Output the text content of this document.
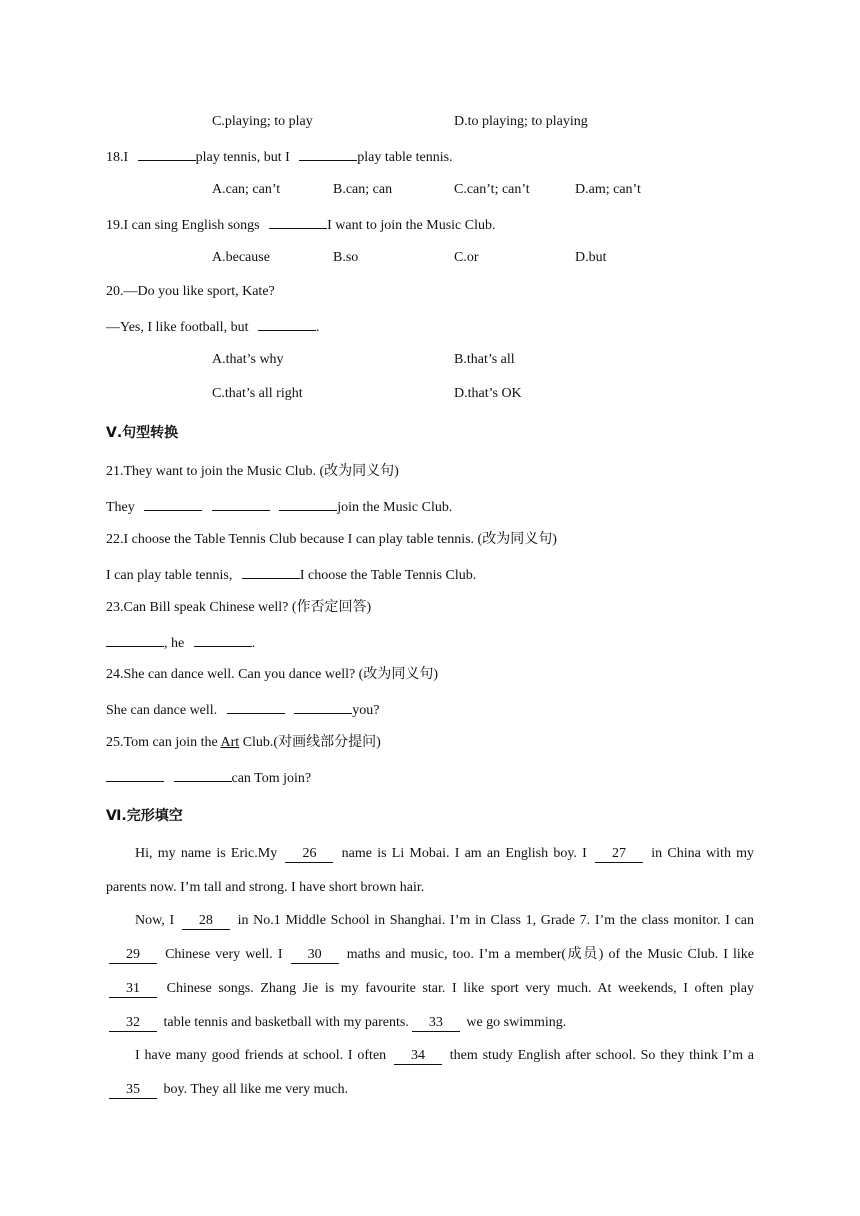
C.playing; to play	D.to playing; to playing
18.I	play tennis, but I	play table tennis.
A.can; can’t	B.can; can	C.can’t; can’t	D.am; can’t
19.I can sing English songs	I want to join the Music Club.
A.because	B.so	C.or	D.but
20.—Do you like sport, Kate?
—Yes, I like football, but	.
A.that’s why	B.that’s all
C.that’s all right	D.that’s OK
Ⅴ.句型转换
21.They want to join the Music Club. (改为同义句)
They	join the Music Club.
22.I choose the Table Tennis Club because I can play table tennis. (改为同义句)
I can play table tennis,	I choose the Table Tennis Club.
23.Can Bill speak Chinese well? (作否定回答)
, he	.
24.She can dance well. Can you dance well? (改为同义句)
She can dance well.	you?
25.Tom can join the Art Club.(对画线部分提问)
can Tom join?
Ⅵ.完形填空
Hi, my name is Eric.My 26 name is Li Mobai. I am an English boy. I 27 in China with my parents now. I’m tall and strong. I have short brown hair.
Now, I 28 in No.1 Middle School in Shanghai. I’m in Class 1, Grade 7. I’m the class monitor. I can 29 Chinese very well. I 30 maths and music, too. I’m a member(成员) of the Music Club. I like 31 Chinese songs. Zhang Jie is my favourite star. I like sport very much. At weekends, I often play 32 table tennis and basketball with my parents. 33 we go swimming.
I have many good friends at school. I often 34 them study English after school. So they think I’m a 35 boy. They all like me very much.
